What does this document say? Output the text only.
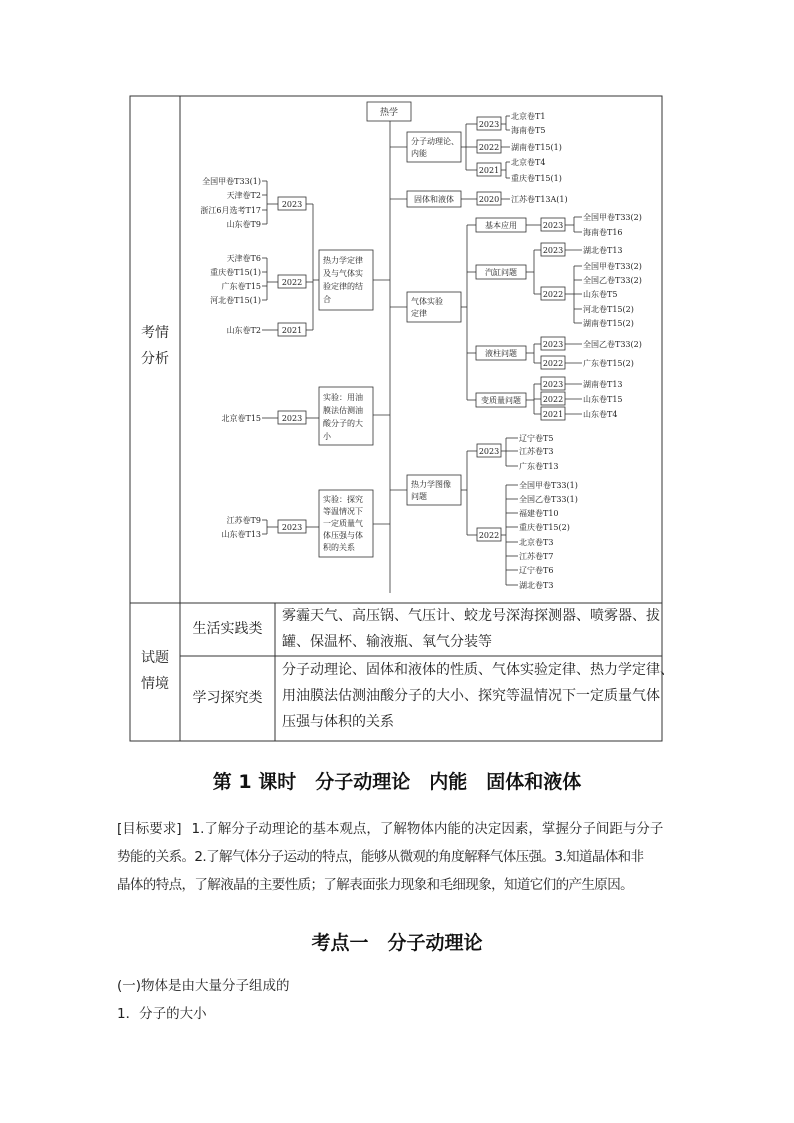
考情
分析
试题
情境
生活实践类
学习探究类
雾霾天气、高压锅、气压计、蛟龙号深海探测器、喷雾器、拔
罐、保温杯、输液瓶、氧气分装等
分子动理论、固体和液体的性质、气体实验定律、热力学定律、
用油膜法估测油酸分子的大小、探究等温情况下一定质量气体
压强与体积的关系
热学
分子动理论、
内能
固体和液体
气体实验
定律
热力学图像
问题
基本应用
汽缸问题
液柱问题
变质量问题
2023
2022
2021
2020
2023
2023
2022
2023
2022
2023
2022
2021
2023
2022
北京卷T1
海南卷T5
湖南卷T15(1)
北京卷T4
重庆卷T15(1)
江苏卷T13A(1)
全国甲卷T33(2)
海南卷T16
湖北卷T13
全国甲卷T33(2)
全国乙卷T33(2)
山东卷T5
河北卷T15(2)
湖南卷T15(2)
全国乙卷T33(2)
广东卷T15(2)
湖南卷T13
山东卷T15
山东卷T4
辽宁卷T5
江苏卷T3
广东卷T13
全国甲卷T33(1)
全国乙卷T33(1)
福建卷T10
重庆卷T15(2)
北京卷T3
江苏卷T7
辽宁卷T6
湖北卷T3
热力学定律
及与气体实
验定律的结
合
实验：用油
膜法估测油
酸分子的大
小
实验：探究
等温情况下
一定质量气
体压强与体
积的关系
2023
2022
2021
2023
2023
全国甲卷T33(1)
天津卷T2
浙江6月选考T17
山东卷T9
天津卷T6
重庆卷T15(1)
广东卷T15
河北卷T15(1)
山东卷T2
北京卷T15
江苏卷T9
山东卷T13
第 1 课时　分子动理论　内能　固体和液体
[目标要求] 1.了解分子动理论的基本观点，了解物体内能的决定因素，掌握分子间距与分子
势能的关系。2.了解气体分子运动的特点，能够从微观的角度解释气体压强。3.知道晶体和非
晶体的特点，了解液晶的主要性质；了解表面张力现象和毛细现象，知道它们的产生原因。
考点一　分子动理论
(一)物体是由大量分子组成的
1．分子的大小
